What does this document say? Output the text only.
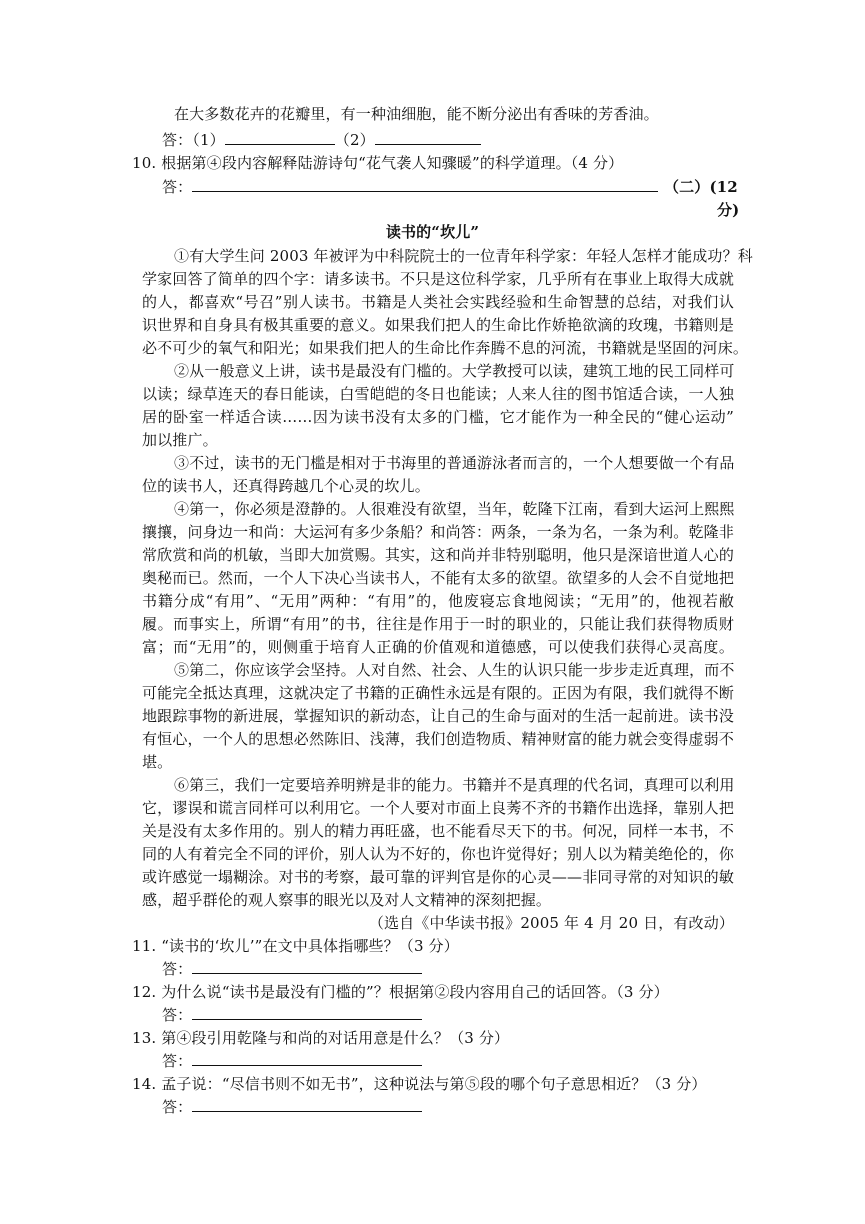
在大多数花卉的花瓣里，有一种油细胞，能不断分泌出有香味的芳香油。
答：（1）	（2）
10. 根据第④段内容解释陆游诗句“花气袭人知骤暖”的科学道理。（4 分）
答：	（二）(12
分)
读书的“坎儿”
①有大学生问 2003 年被评为中科院院士的一位青年科学家：年轻人怎样才能成功？科
学家回答了简单的四个字：请多读书。不只是这位科学家，几乎所有在事业上取得大成就
的人，都喜欢“号召”别人读书。书籍是人类社会实践经验和生命智慧的总结，对我们认
识世界和自身具有极其重要的意义。如果我们把人的生命比作娇艳欲滴的玫瑰，书籍则是
必不可少的氧气和阳光；如果我们把人的生命比作奔腾不息的河流，书籍就是坚固的河床。
②从一般意义上讲，读书是最没有门槛的。大学教授可以读，建筑工地的民工同样可
以读；绿草连天的春日能读，白雪皑皑的冬日也能读；人来人往的图书馆适合读，一人独
居的卧室一样适合读……因为读书没有太多的门槛，它才能作为一种全民的“健心运动”
加以推广。
③不过，读书的无门槛是相对于书海里的普通游泳者而言的，一个人想要做一个有品
位的读书人，还真得跨越几个心灵的坎儿。
④第一，你必须是澄静的。人很难没有欲望，当年，乾隆下江南，看到大运河上熙熙
攘攘，问身边一和尚：大运河有多少条船？和尚答：两条，一条为名，一条为利。乾隆非
常欣赏和尚的机敏，当即大加赏赐。其实，这和尚并非特别聪明，他只是深谙世道人心的
奥秘而已。然而，一个人下决心当读书人，不能有太多的欲望。欲望多的人会不自觉地把
书籍分成“有用”、“无用”两种：“有用”的，他废寝忘食地阅读；“无用”的，他视若敝
履。而事实上，所谓“有用”的书，往往是作用于一时的职业的，只能让我们获得物质财
富；而“无用”的，则侧重于培育人正确的价值观和道德感，可以使我们获得心灵高度。
⑤第二，你应该学会坚持。人对自然、社会、人生的认识只能一步步走近真理，而不
可能完全抵达真理，这就决定了书籍的正确性永远是有限的。正因为有限，我们就得不断
地跟踪事物的新进展，掌握知识的新动态，让自己的生命与面对的生活一起前进。读书没
有恒心，一个人的思想必然陈旧、浅薄，我们创造物质、精神财富的能力就会变得虚弱不
堪。
⑥第三，我们一定要培养明辨是非的能力。书籍并不是真理的代名词，真理可以利用
它，谬误和谎言同样可以利用它。一个人要对市面上良莠不齐的书籍作出选择，靠别人把
关是没有太多作用的。别人的精力再旺盛，也不能看尽天下的书。何况，同样一本书，不
同的人有着完全不同的评价，别人认为不好的，你也许觉得好；别人以为精美绝伦的，你
或许感觉一塌糊涂。对书的考察，最可靠的评判官是你的心灵——非同寻常的对知识的敏
感，超乎群伦的观人察事的眼光以及对人文精神的深刻把握。
（选自《中华读书报》2005 年 4 月 20 日，有改动）
11. “读书的‘坎儿’”在文中具体指哪些？（3 分）
答：
12. 为什么说“读书是最没有门槛的”？根据第②段内容用自己的话回答。（3 分）
答：
13. 第④段引用乾隆与和尚的对话用意是什么？（3 分）
答：
14. 孟子说：“尽信书则不如无书”，这种说法与第⑤段的哪个句子意思相近？（3 分）
答：
